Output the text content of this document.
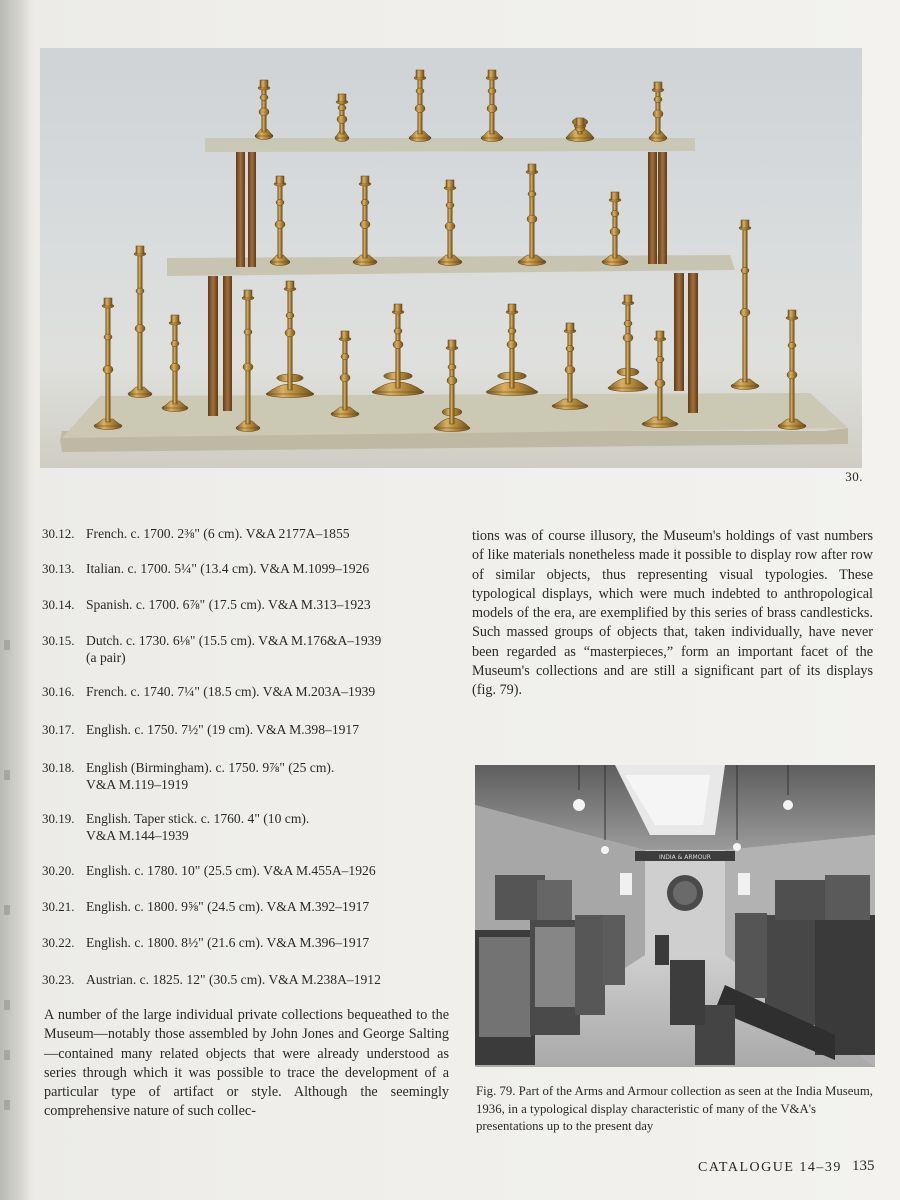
30.
30.12. French. c. 1700. 2⅜" (6 cm). V&A 2177A–1855
30.13. Italian. c. 1700. 5¼" (13.4 cm). V&A M.1099–1926
30.14. Spanish. c. 1700. 6⅞" (17.5 cm). V&A M.313–1923
30.15. Dutch. c. 1730. 6⅛" (15.5 cm). V&A M.176&A–1939
(a pair)
30.16. French. c. 1740. 7¼" (18.5 cm). V&A M.203A–1939
30.17. English. c. 1750. 7½" (19 cm). V&A M.398–1917
30.18. English (Birmingham). c. 1750. 9⅞" (25 cm).
V&A M.119–1919
30.19. English. Taper stick. c. 1760. 4" (10 cm).
V&A M.144–1939
30.20. English. c. 1780. 10" (25.5 cm). V&A M.455A–1926
30.21. English. c. 1800. 9⅝" (24.5 cm). V&A M.392–1917
30.22. English. c. 1800. 8½" (21.6 cm). V&A M.396–1917
30.23. Austrian. c. 1825. 12" (30.5 cm). V&A M.238A–1912
A number of the large individual private collections bequeathed to the Museum—notably those assembled by John Jones and George Salting—contained many related objects that were already understood as series through which it was possible to trace the development of a particular type of artifact or style. Although the seemingly comprehensive nature of such collec-
tions was of course illusory, the Museum's holdings of vast numbers of like materials nonetheless made it possible to display row after row of similar objects, thus representing visual typologies. These typological displays, which were much indebted to anthropological models of the era, are exemplified by this series of brass candlesticks. Such massed groups of objects that, taken individually, have never been regarded as “masterpieces,” form an important facet of the Museum's collections and are still a significant part of its displays (fig. 79).
INDIA & ARMOUR
Fig. 79. Part of the Arms and Armour collection as seen at the India Museum, 1936, in a typological display characteristic of many of the V&A's presentations up to the present day
CATALOGUE 14–39 135
